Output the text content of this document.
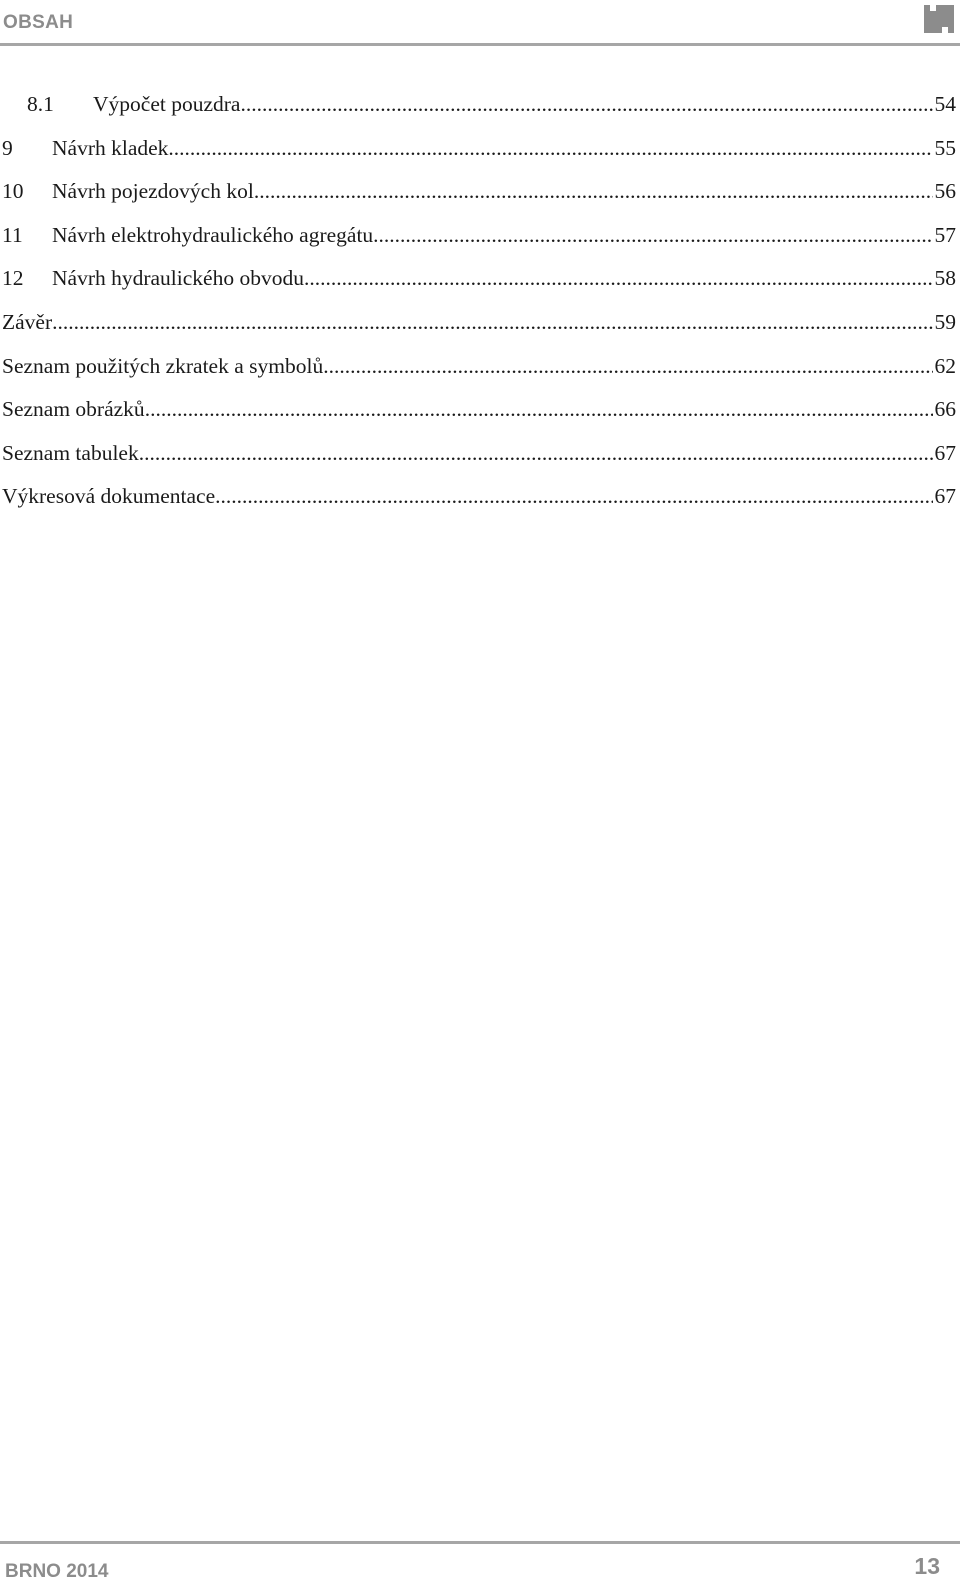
OBSAH
8.1	Výpočet pouzdra .....	54
9	Návrh kladek .....	55
10	Návrh pojezdových kol .....	56
11	Návrh elektrohydraulického agregátu .....	57
12	Návrh hydraulického obvodu .....	58
Závěr .....	59
Seznam použitých zkratek a symbolů .....	62
Seznam obrázků .....	66
Seznam tabulek .....	67
Výkresová dokumentace .....	67
BRNO 2014	13
